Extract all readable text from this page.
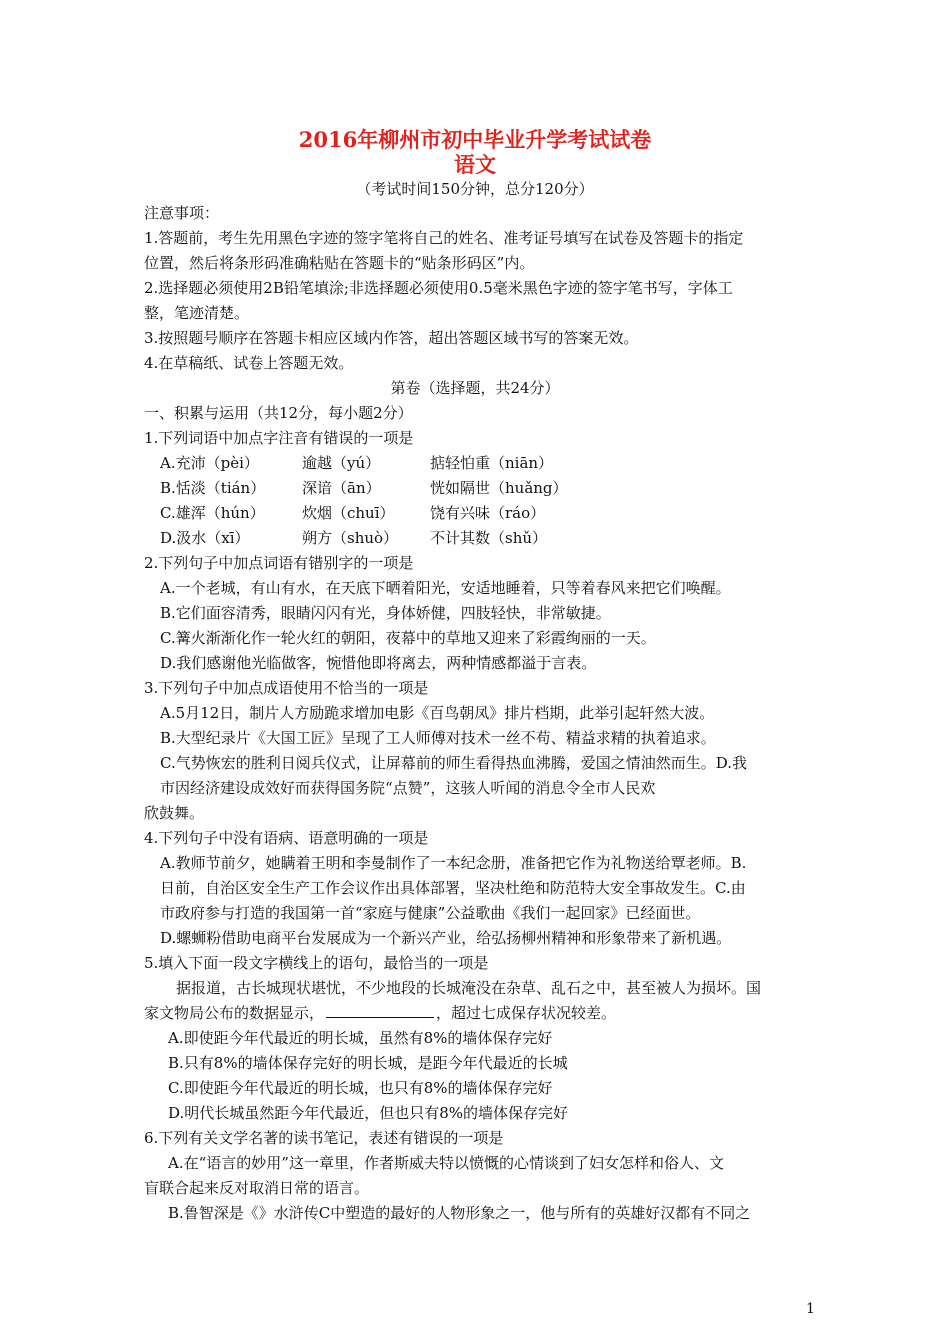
2016年柳州市初中毕业升学考试试卷
语文
（考试时间150分钟，总分120分）
注意事项：
1.答题前，考生先用黑色字迹的签字笔将自己的姓名、准考证号填写在试卷及答题卡的指定
位置，然后将条形码准确粘贴在答题卡的“贴条形码区”内。
2.选择题必须使用2B铅笔填涂;非选择题必须使用0.5毫米黑色字迹的签字笔书写，字体工
整，笔迹清楚。
3.按照题号顺序在答题卡相应区域内作答，超出答题区域书写的答案无效。
4.在草稿纸、试卷上答题无效。
第卷（选择题，共24分）
一、积累与运用（共12分，每小题2分）
1.下列词语中加点字注音有错误的一项是
A.充沛（pèi）	逾越（yú）	掂轻怕重（niān）
B.恬淡（tián） 深谙（ān）	恍如隔世（huǎng）
C.雄浑（hún） 炊烟（chuī） 饶有兴味（ráo）
D.汲水（xī）	朔方（shuò） 不计其数（shǔ）
2.下列句子中加点词语有错别字的一项是
A.一个老城，有山有水，在天底下晒着阳光，安适地睡着，只等着春风来把它们唤醒。
B.它们面容清秀，眼睛闪闪有光，身体娇健，四肢轻快，非常敏捷。
C.篝火渐渐化作一轮火红的朝阳，夜幕中的草地又迎来了彩霞绚丽的一天。
D.我们感谢他光临做客，惋惜他即将离去，两种情感都溢于言表。
3.下列句子中加点成语使用不恰当的一项是
A.5月12日，制片人方励跪求增加电影《百鸟朝凤》排片档期，此举引起轩然大波。
B.大型纪录片《大国工匠》呈现了工人师傅对技术一丝不苟、精益求精的执着追求。
C.气势恢宏的胜利日阅兵仪式，让屏幕前的师生看得热血沸腾，爱国之情油然而生。D.我
市因经济建设成效好而获得国务院“点赞”，这骇人听闻的消息令全市人民欢
欣鼓舞。
4.下列句子中没有语病、语意明确的一项是
A.教师节前夕，她瞒着王明和李曼制作了一本纪念册，准备把它作为礼物送给覃老师。B.
日前，自治区安全生产工作会议作出具体部署，坚决杜绝和防范特大安全事故发生。C.由
市政府参与打造的我国第一首“家庭与健康”公益歌曲《我们一起回家》已经面世。
D.螺蛳粉借助电商平台发展成为一个新兴产业，给弘扬柳州精神和形象带来了新机遇。
5.填入下面一段文字横线上的语句，最恰当的一项是
据报道，古长城现状堪忧，不少地段的长城淹没在杂草、乱石之中，甚至被人为损坏。国
家文物局公布的数据显示，	，超过七成保存状况较差。
A.即使距今年代最近的明长城，虽然有8%的墙体保存完好
B.只有8%的墙体保存完好的明长城，是距今年代最近的长城
C.即使距今年代最近的明长城，也只有8%的墙体保存完好
D.明代长城虽然距今年代最近，但也只有8%的墙体保存完好
6.下列有关文学名著的读书笔记，表述有错误的一项是
A.在“语言的妙用”这一章里，作者斯威夫特以愤慨的心情谈到了妇女怎样和俗人、文
盲联合起来反对取消日常的语言。
B.鲁智深是《》水浒传C中塑造的最好的人物形象之一，他与所有的英雄好汉都有不同之
1
